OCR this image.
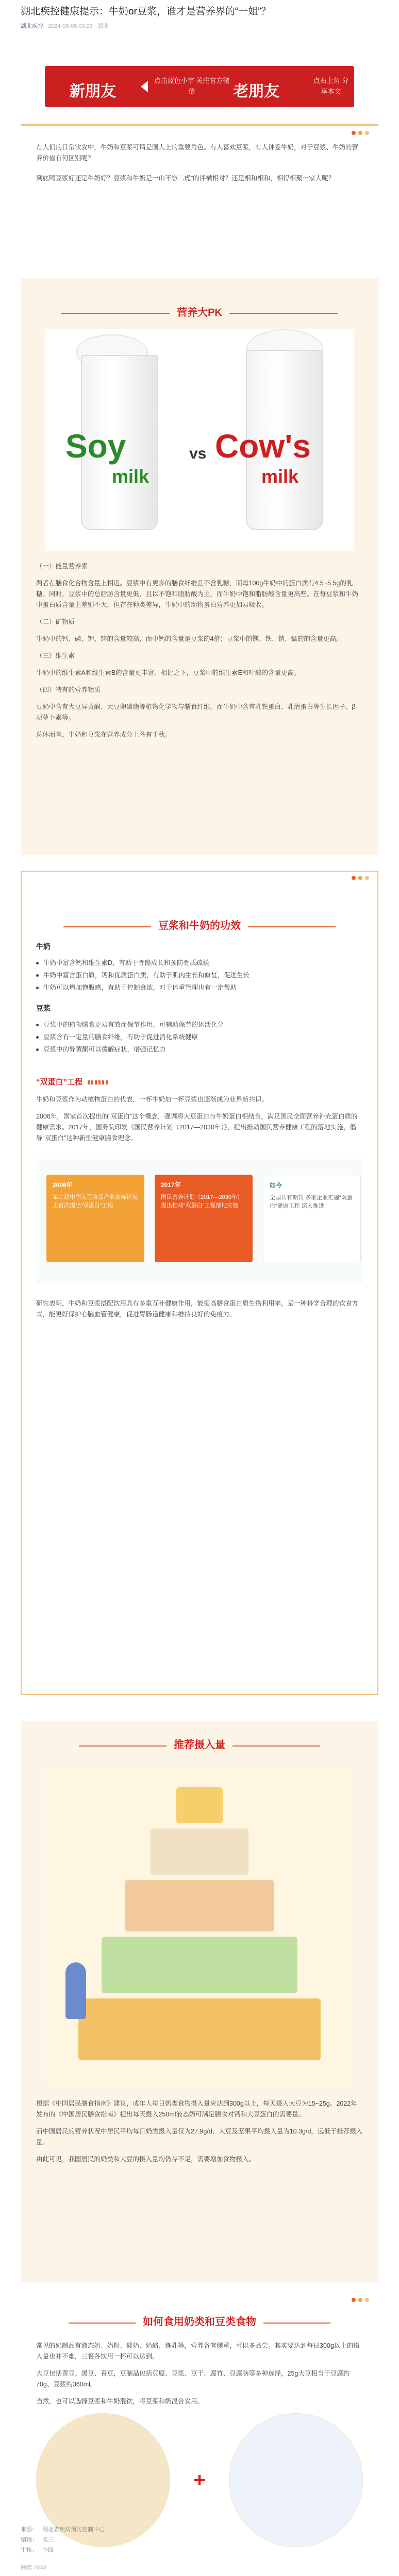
湖北疾控健康提示：牛奶or豆浆，谁才是营养界的“一姐”？
湖北疾控 2024-06-05 09:23 湖北
新朋友
点击蓝色小字 关注官方微信	老朋友
点右上角 分享本文

在人们的日常饮食中，牛奶和豆浆可谓是国人上的重要角色。有人喜欢豆浆，有人钟爱牛奶，对于豆浆、牛奶的营养价值有何区别呢？

到底喝豆浆好还是牛奶好？豆浆和牛奶是一山不容二虎”的伴横相对？还是相和相和，相得相聚一家人呢？

营养大PK
Soy
milk
vs Cow's
milk

（一）能量营养素

两者在膳食化合物含量上相近。豆浆中有更多的膳食纤维且不含乳糖，而每100g牛奶中的蛋白质有4.5~5.5g的乳糖。同时，豆浆中的总脂肪含量更低，且以不饱和脂肪酸为主，而牛奶中饱和脂肪酸含量更高些。在每豆浆和牛奶中蛋白质含量上差别不大，但存在种类差异，牛奶中的动物蛋白营养更加易吸收。

（二）矿物质

牛奶中的钙、磷、钾、锌的含量较高，而中钙的含量是豆浆的4倍；豆浆中的镁、铁、钠、锰的的含量更高。

（三）维生素

牛奶中的维生素A和维生素B的含量更丰富。相比之下，豆浆中的维生素E和叶酸的含量更高。

（四）特有的营养物质

豆奶中含有大豆异黄酮、大豆卵磷脂等植物化学物与膳食纤维，而牛奶中含有乳铁蛋白、乳清蛋白等生长因子、β-胡萝卜素等。

总体而言，牛奶和豆浆在营养成分上各有千秋。

豆浆和牛奶的功效
牛奶
牛奶中富含钙和维生素D，有助于骨骼成长和预防骨质疏松
牛奶中富含蛋白质，钙和优质蛋白质，有助于肌肉生长和修复，促进生长
牛奶可以增加饱腹感，有助于控制食欲，对于体重管理也有一定帮助
豆浆
豆浆中的植物膳食更易有效而保节作用，可辅助保节的体活化分
豆浆含有一定量的膳食纤维，有助于促进消化系统健康
豆浆中的异黄酮可以缓解症状，增强记忆力
“双蛋白”工程

牛奶和豆浆作为动植物蛋白的代表，一杯牛奶加一杯豆浆也逐渐成为业界新共识。

2006年，国家首次提出的“双蛋白”这个概念，强调将大豆蛋白与牛奶蛋白相结合，满足国民全面营养补充蛋白质的健康需求。2017年，国务院印发《国民营养计划（2017—2030年）》，提出推动国民营养健康工程的落地实施，倡导“双蛋白”这种新型健康膳食理念。

2006年
第二届中国大豆食品产业高峰论坛上首次提出“双蛋白”工程
2017年
国民营养计划（2017—2030年）提出推动“双蛋白”工程落地实施
如今
全国共有期刊 多家企业实施“双蛋白”健康工程 深入推进

研究表明，牛奶和豆浆搭配饮用具有多重互补健康作用，能提高膳食蛋白质生物利用率，是一种科学合理的饮食方式，能更好保护心脑血管健康，促进胃肠道健康和维持良好的免疫力。

推荐摄入量

根据《中国居民膳食指南》建议，成年人每日奶类食物摄入量应达到300g以上，每天摄入大豆为15~25g。2022年发布的《中国居民膳食指南》提出每天摄入250ml液态奶可满足膳食对钙和大豆蛋白的需要量。

而中国居民的营养状况中居民平均每日奶类摄入量仅为27.9g/d，大豆及坚果平均摄入量为10.3g/d，远低于推荐摄入量。

由此可见，我国居民的奶类和大豆的摄入量均仍存不足，需要增加食物摄入。

如何食用奶类和豆类食物

常见的奶制品有液态奶、奶粉、酸奶、奶酪、炼乳等，营养各有侧重，可以多品尝。其实要达到每日300g以上的摄入量也并不难，三餐各饮用一杯可以达到。

大豆包括黄豆、黑豆、青豆，豆制品包括豆腐、豆浆、豆干、腐竹、豆腐脑等多种选择，25g大豆相当于豆腐约70g、豆浆约360ml。

当然，也可以选择豆浆和牛奶混饮，将豆浆和奶混合食用。

+
来源： 湖北省疾病预防控制中心
编辑： 张三
审核： 李四
阅读 2033
